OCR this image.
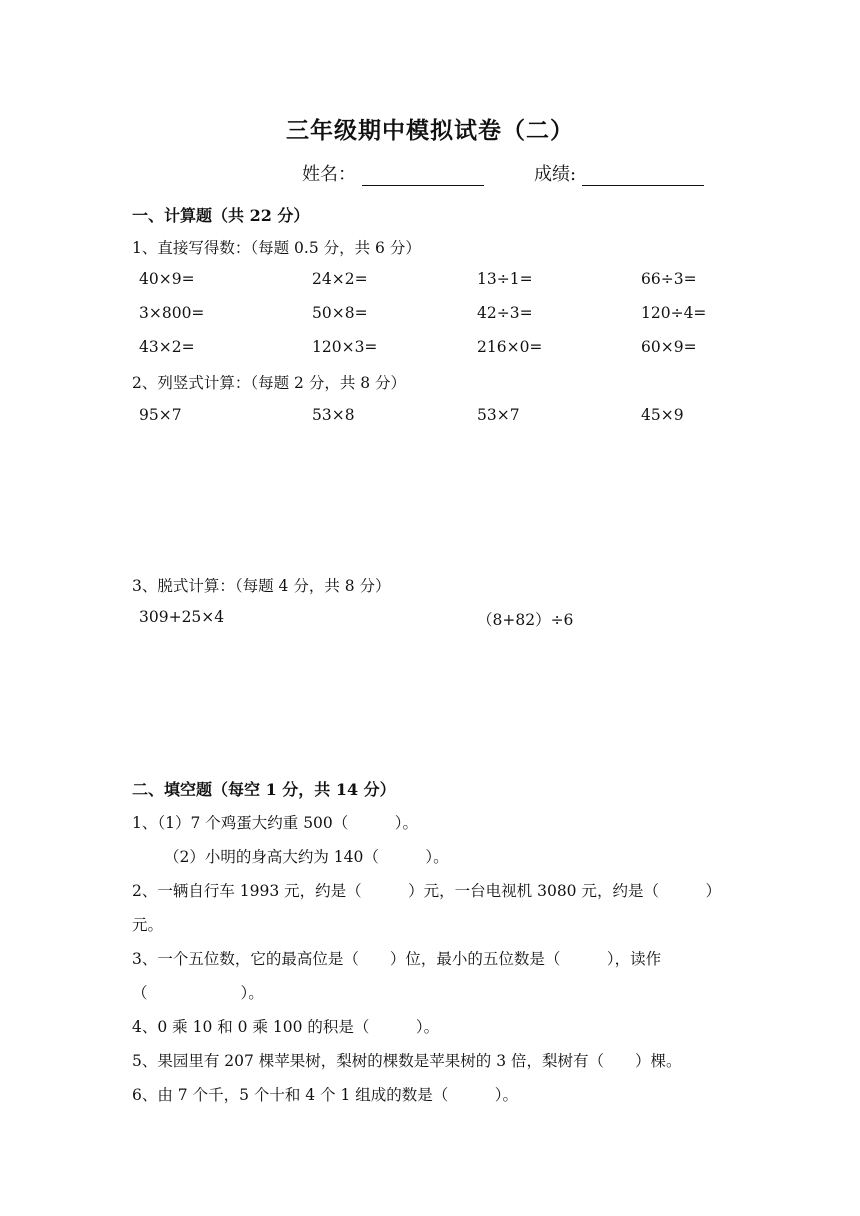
三年级期中模拟试卷（二）
姓名：	成绩:
一、计算题（共 22 分）
1、直接写得数：（每题 0.5 分，共 6 分）
40×9=	24×2=	13÷1=	66÷3=
3×800=	50×8=	42÷3=	120÷4=
43×2=	120×3=	216×0=	60×9=
2、列竖式计算：（每题 2 分，共 8 分）
95×7	53×8	53×7	45×9
3、脱式计算：（每题 4 分，共 8 分）
309+25×4	（8+82）÷6
二、填空题（每空 1 分，共 14 分）
1、（1）7 个鸡蛋大约重 500（　　　）。
（2）小明的身高大约为 140（　　　）。
2、一辆自行车 1993 元，约是（　　　）元，一台电视机 3080 元，约是（　　　）
元。
3、一个五位数，它的最高位是（　　）位，最小的五位数是（　　　），读作
（　　　　　　）。
4、0 乘 10 和 0 乘 100 的积是（　　　）。
5、果园里有 207 棵苹果树，梨树的棵数是苹果树的 3 倍，梨树有（　　）棵。
6、由 7 个千，5 个十和 4 个 1 组成的数是（　　　）。
